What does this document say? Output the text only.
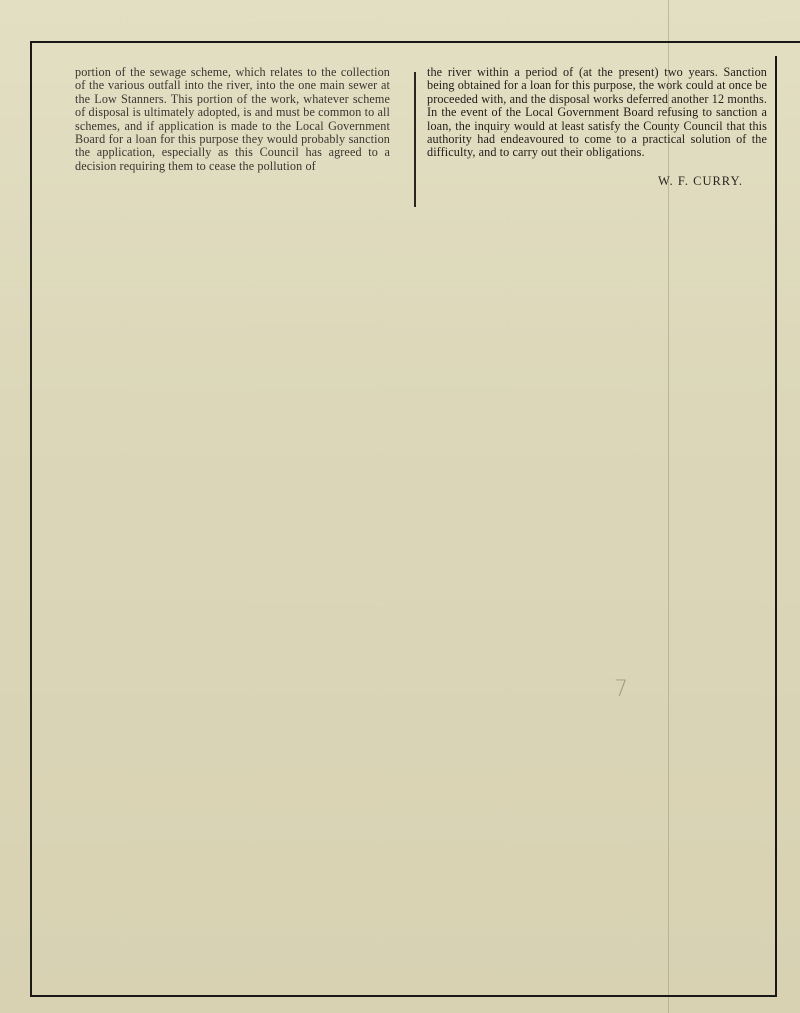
portion of the sewage scheme, which relates to the collection of the various outfall into the river, into the one main sewer at the Low Stanners. This portion of the work, whatever scheme of disposal is ultimately adopted, is and must be common to all schemes, and if application is made to the Local Government Board for a loan for this purpose they would probably sanction the application, especially as this Council has agreed to a decision requiring them to cease the pollution of

the river within a period of (at the present) two years. Sanction being obtained for a loan for this purpose, the work could at once be proceeded with, and the disposal works deferred another 12 months. In the event of the Local Government Board refusing to sanction a loan, the inquiry would at least satisfy the County Council that this authority had endeavoured to come to a practical solution of the difficulty, and to carry out their obligations.

W. F. CURRY.
7
